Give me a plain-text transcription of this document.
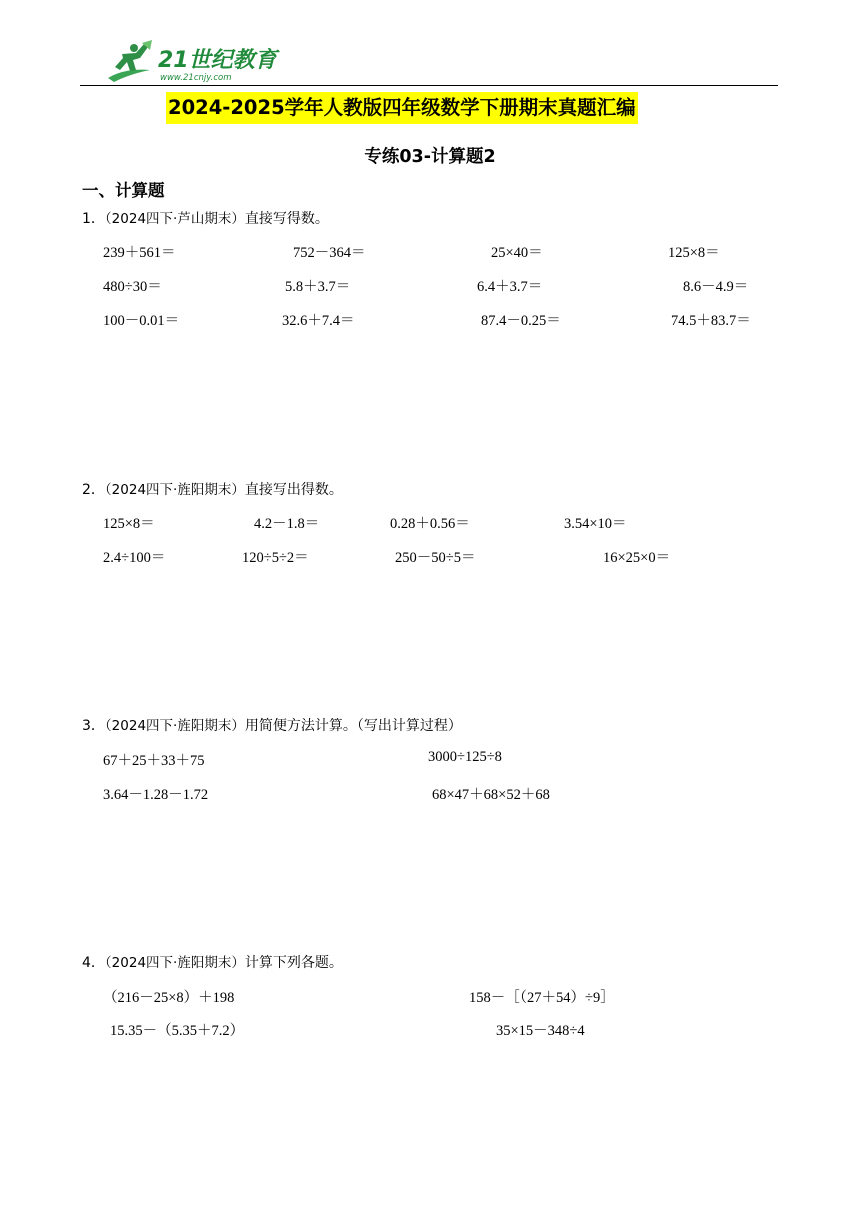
21世纪教育
www.21cnjy.com
2024-2025学年人教版四年级数学下册期末真题汇编
专练03-计算题2
一、计算题
1．（2024四下·芦山期末）直接写得数。
239＋561＝	752－364＝	25×40＝	125×8＝
480÷30＝	5.8＋3.7＝	6.4＋3.7＝	8.6－4.9＝
100－0.01＝	32.6＋7.4＝	87.4－0.25＝	74.5＋83.7＝
2．（2024四下·旌阳期末）直接写出得数。
125×8＝	4.2－1.8＝	0.28＋0.56＝	3.54×10＝
2.4÷100＝	120÷5÷2＝	250－50÷5＝	16×25×0＝
3．（2024四下·旌阳期末）用简便方法计算。（写出计算过程）
67＋25＋33＋75	3000÷125÷8
3.64－1.28－1.72	68×47＋68×52＋68
4．（2024四下·旌阳期末）计算下列各题。
（216－25×8）＋198	158－［（27＋54）÷9］
15.35－（5.35＋7.2）	35×15－348÷4
